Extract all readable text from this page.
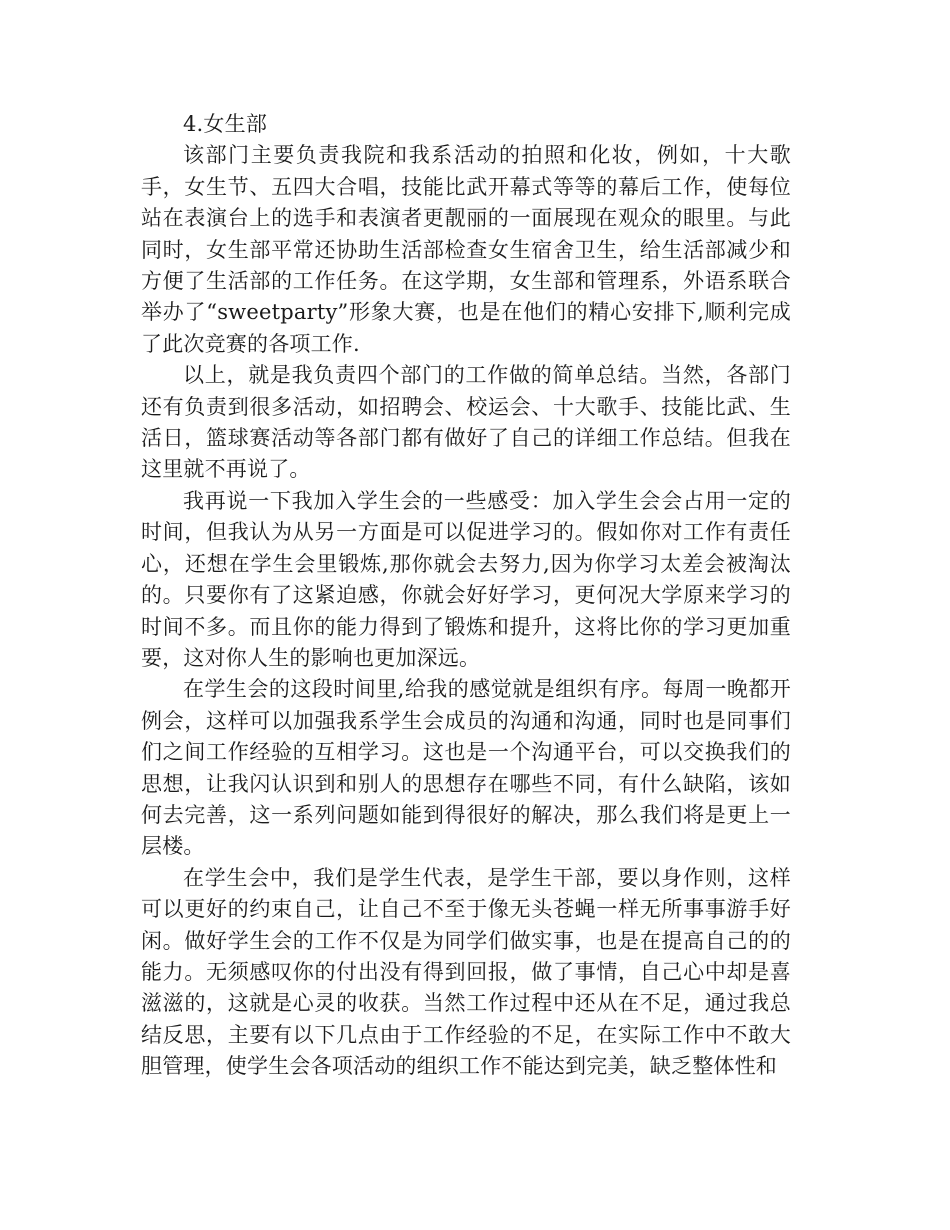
4.女生部

该部门主要负责我院和我系活动的拍照和化妆，例如，十大歌手，女生节、五四大合唱，技能比武开幕式等等的幕后工作，使每位站在表演台上的选手和表演者更靓丽的一面展现在观众的眼里。与此同时，女生部平常还协助生活部检查女生宿舍卫生，给生活部减少和方便了生活部的工作任务。在这学期，女生部和管理系，外语系联合举办了“sweetparty”形象大赛，也是在他们的精心安排下,顺利完成了此次竞赛的各项工作.

以上，就是我负责四个部门的工作做的简单总结。当然，各部门还有负责到很多活动，如招聘会、校运会、十大歌手、技能比武、生活日，篮球赛活动等各部门都有做好了自己的详细工作总结。但我在这里就不再说了。

我再说一下我加入学生会的一些感受：加入学生会会占用一定的时间，但我认为从另一方面是可以促进学习的。假如你对工作有责任心，还想在学生会里锻炼,那你就会去努力,因为你学习太差会被淘汰的。只要你有了这紧迫感，你就会好好学习，更何况大学原来学习的时间不多。而且你的能力得到了锻炼和提升，这将比你的学习更加重要，这对你人生的影响也更加深远。

在学生会的这段时间里,给我的感觉就是组织有序。每周一晚都开例会，这样可以加强我系学生会成员的沟通和沟通，同时也是同事们们之间工作经验的互相学习。这也是一个沟通平台，可以交换我们的思想，让我闪认识到和别人的思想存在哪些不同，有什么缺陷，该如何去完善，这一系列问题如能到得很好的解决，那么我们将是更上一层楼。

在学生会中，我们是学生代表，是学生干部，要以身作则，这样可以更好的约束自己，让自己不至于像无头苍蝇一样无所事事游手好闲。做好学生会的工作不仅是为同学们做实事，也是在提高自己的的能力。无须感叹你的付出没有得到回报，做了事情，自己心中却是喜滋滋的，这就是心灵的收获。当然工作过程中还从在不足，通过我总结反思，主要有以下几点由于工作经验的不足，在实际工作中不敢大胆管理，使学生会各项活动的组织工作不能达到完美，缺乏整体性和
